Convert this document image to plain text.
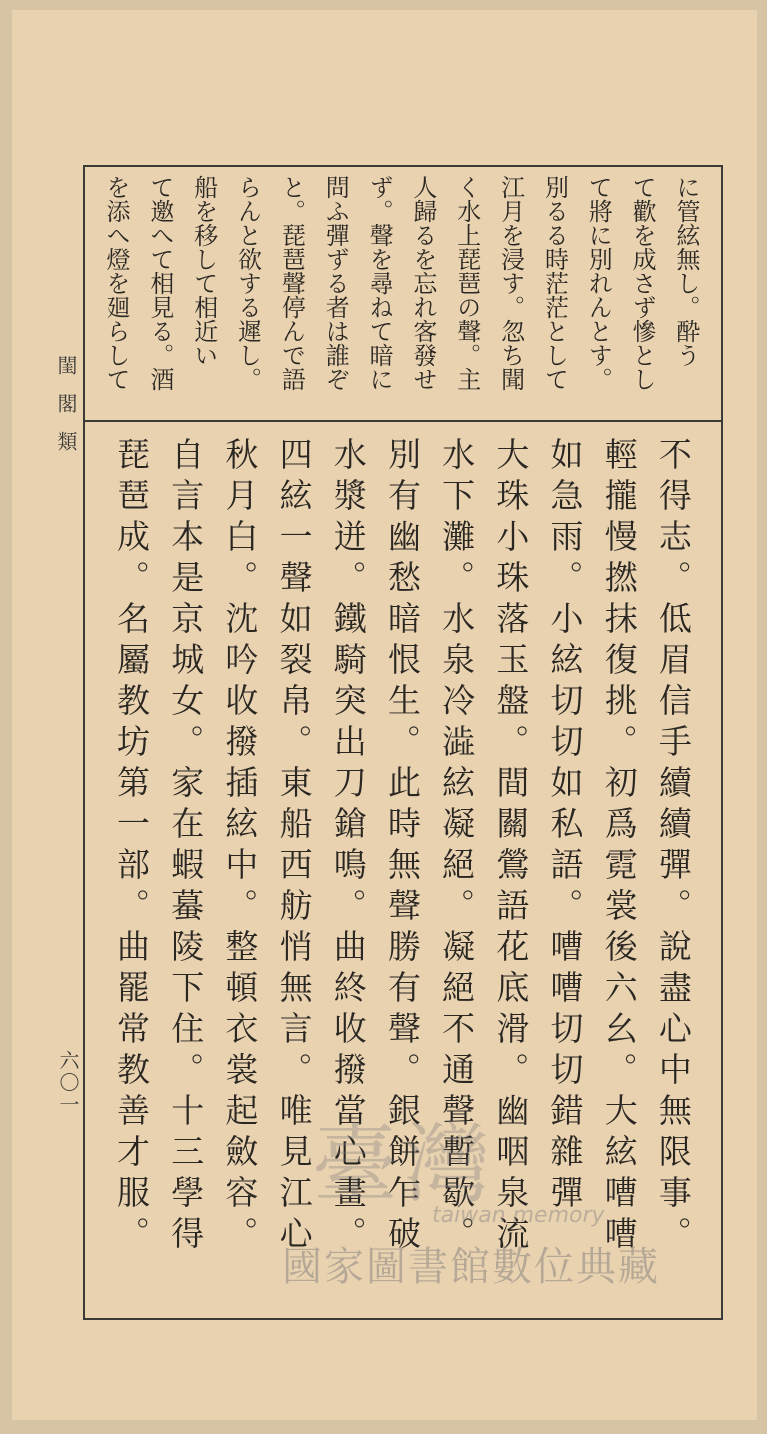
閨閣類
六〇一
に管絃無し。酔う
て歡を成さず慘とし
て將に別れんとす。
別るる時茫茫として
江月を浸す。忽ち聞
く水上琵琶の聲。主
人歸るを忘れ客發せ
ず。聲を尋ねて暗に
問ふ彈ずる者は誰ぞ
と。琵琶聲停んで語
らんと欲する遲し。
船を移して相近い
て邀へて相見る。酒
を添へ燈を廻らして
不得志。低眉信手續續彈。說盡心中無限事。
輕攏慢撚抹復挑。初爲霓裳後六幺。大絃嘈嘈
如急雨。小絃切切如私語。嘈嘈切切錯雜彈
大珠小珠落玉盤。間關鶯語花底滑。幽咽泉流
水下灘。水泉冷澁絃凝絕。凝絕不通聲暫歇。
別有幽愁暗恨生。此時無聲勝有聲。銀餅乍破
水漿迸。鐵騎突出刀鎗鳴。曲終收撥當心畫。
四絃一聲如裂帛。東船西舫悄無言。唯見江心
秋月白。沈吟收撥插絃中。整頓衣裳起斂容。
自言本是京城女。家在蝦蟇陵下住。十三學得
琵琶成。名屬教坊第一部。曲罷常教善才服。 臺灣
taiwan memory
國家圖書館數位典藏
